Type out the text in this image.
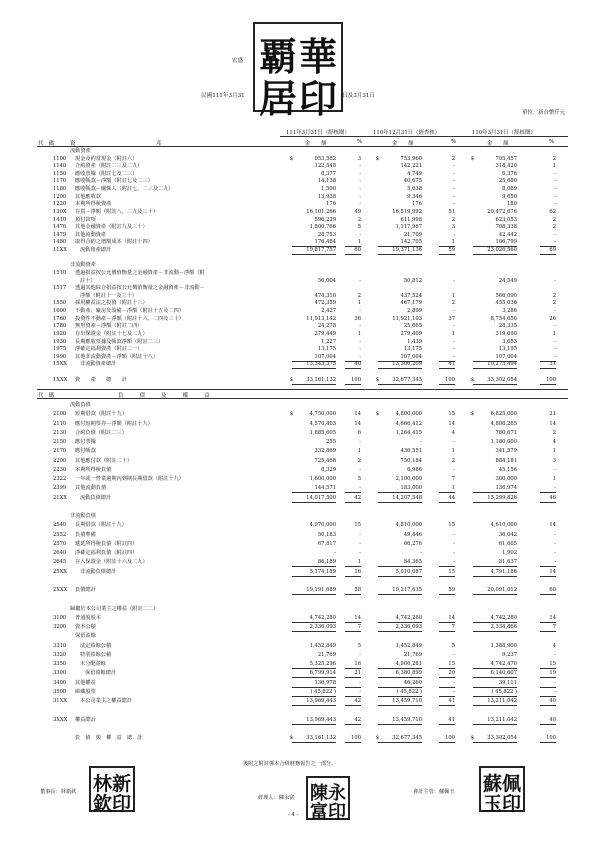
覇 華
居 印
宏盛
民國111年3月31	日及3月31日
單位：新台幣仟元
111年3月31日（經核閱）	110年12月31日（經查核）	110年3月31日（經核閱）
代　碼	資　　　　　　　　　　　　　　　產	金　　額	%	金　　額	%	金　　額	%
流動資產
1100 現金及約當現金（附註六）	$	953,582	3	$	753,960	2	$	705,457	2
1140 合約資產（附註二三及二九）	122,548	-	142,221	-	318,420	1
1150 應收票據（附註七及二三）	8,377	-	4,749	-	6,376	-
1170 應收帳款－淨額（附註七及二三）	14,138	-	40,675	-	25,680	-
1180 應收帳款－關係人（附註七、二三及二九）	1,500	-	5,638	-	8,089	-
1200 其他應收款	13,938	-	9,346	-	9,650	-
1220 本期所得稅資產	176	-	176	-	180	-
130X 存貨－淨額（附註八、二九及三十）	16,101,266	49	16,519,992	51	20,472,076	62
1410 預付款項	596,229	2	611,998	2	623,053	2
1476 其他金融資產（附註九及三十）	1,800,766	5	1,117,967	3	708,338	2
1479 其他流動資產	28,753	-	21,709	-	42,442	-
1480 取得合約之增額成本（附註十四）	176,484	1	142,705	1	106,799	-
11XX	流動資產總計	19,817,757	60	19,371,136	59	23,026,560	69
非流動資產
1510 透過損益按公允價值衡量之金融資產－非流動－淨額（附
註十）	56,004	-	50,812	-	24,549	-
1517 透過其他綜合損益按公允價值衡量之金融資產－非流動－
淨額（附註十一及三十）	474,310	2	437,524	1	566,090	2
1550 採用權益法之投資（附註十三）	472,359	1	467,179	2	455,036	2
1600 不動產、廠房及設備－淨額（附註十五及二四）	2,427	-	2,899	-	3,286	-
1760 投資性不動產－淨額（附註十六、二四及三十）	11,913,142	36	11,921,103	37	8,754,656	26
1780 無形資產－淨額（附註二四）	24,278	-	25,665	-	28,335	-
1920 存出保證金（附註十七及二九）	279,449	1	279,409	1	319,690	1
1930 長期應收票據及帳款淨額（附註二三）	1,227	-	1,439	-	3,653	-
1975 淨確定福利資產（附註二一）	13,175	-	13,175	-	13,195	-
1990 其他非流動資產－淨額（附註十八）	107,004	-	107,004	-	107,004	-
15XX	非流動資產總計	13,343,375	40	13,306,209	41	10,275,494	31
1XXX 資　　產　　總　　計	$	33,161,132	100	$	32,677,345	100	$	33,302,054	100
代　碼	負　　　債　　　及　　　權　　　益
流動負債
2100 短期借款（附註十九）	$	4,750,000	14	$	4,800,000	15	$	6,825,000	21
2110 應付短期票券－淨額（附註十九）	4,570,403	14	4,666,412	14	4,806,265	14
2130 合約負債（附註二三）	1,885,605	6	1,264,415	4	780,671	2
2150 應付票據	255	-	-	-	1,180,000	4
2170 應付帳款	332,869	1	436,551	1	341,579	1
2200 其他應付款（附註二十）	725,468	2	750,184	2	884,181	3
2230 本期所得稅負債	8,329	-	6,986	-	45,156	-
2322 一年或一營業週期內到期長期借款（附註十九）	1,600,000	5	2,100,000	7	300,000	1
2399 其他流動負債	144,571	-	183,000	1	136,974	-
21XX	流動負債總計	14,017,500	42	14,207,548	44	15,299,826	46
非流動負債
2540 長期借款（附註十九）	4,970,000	15	4,810,000	15	4,610,000	14
2552 負債準備	50,183	-	49,446	-	36,042	-
2570 遞延所得稅負債（附註四）	67,817	-	66,276	-	61,605	-
2640 淨確定福利負債（附註四）	-	-	-	-	1,902	-
2645 存入保證金（附註十六及二九）	86,189	1	84,365	-	81,637	-
25XX	非流動負債總計	5,174,189	16	5,010,087	15	4,791,186	14
2XXX 負債總計	19,191,689	58	19,217,635	59	20,091,012	60
歸屬於本公司業主之權益（附註二二）
3100 普通股股本	4,742,280	14	4,742,280	14	4,742,280	14
3200 資本公積	2,336,093	7	2,336,093	7	2,334,866	7
保留盈餘
3310	法定盈餘公積	1,452,849	5	1,452,849	5	1,388,900	4
3320	特別盈餘公積	21,769	-	21,769	-	9,237	-
3350	未分配盈餘	5,325,296	16	4,906,281	15	4,742,470	15
3300	保留盈餘總計	6,799,914	21	6,380,899	20	6,140,607	19
3400 其他權益	136,978	-	46,260	-	39,111	-
3500 庫藏股票	( 45,822 )	-	( 45,822 )	-	( 45,822 )	-
31XX	本公司業主之權益總計	13,969,443	42	13,459,710	41	13,211,042	40
3XXX 權益總計	13,969,443	42	13,459,710	41	13,211,042	40
負　債　與　權　益　總　計	$	33,161,132	100	$	32,677,345	100	$	33,302,054	100
後附之附註係本合併財務報告之一部分。
董事長：林新欽 林 新
欽 印	經理人：陳永富 陳 永
富 印
會計主管：蘇佩玉 蘇 佩
玉 印
- 4 -
